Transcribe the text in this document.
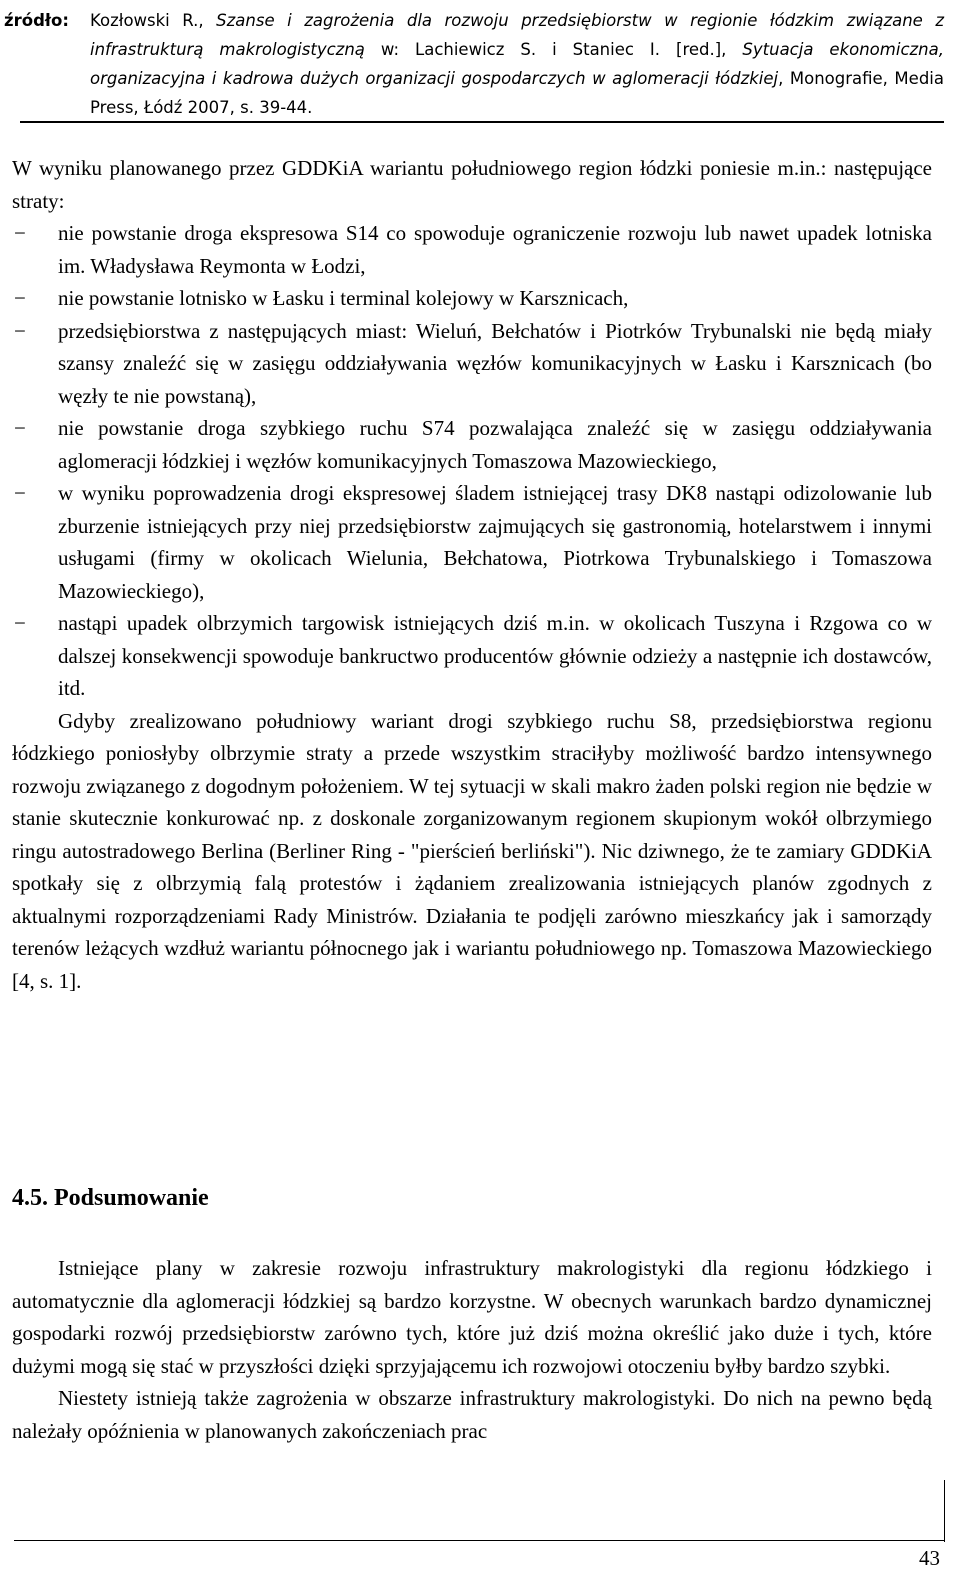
źródło: Kozłowski R., Szanse i zagrożenia dla rozwoju przedsiębiorstw w regionie łódzkim związane z infrastrukturą makrologistyczną w: Lachiewicz S. i Staniec I. [red.], Sytuacja ekonomiczna, organizacyjna i kadrowa dużych organizacji gospodarczych w aglomeracji łódzkiej, Monografie, Media Press, Łódź 2007, s. 39-44.

W wyniku planowanego przez GDDKiA wariantu południowego region łódzki poniesie m.in.: następujące straty:

− nie powstanie droga ekspresowa S14 co spowoduje ograniczenie rozwoju lub nawet upadek lotniska im. Władysława Reymonta w Łodzi,

− nie powstanie lotnisko w Łasku i terminal kolejowy w Karsznicach,

− przedsiębiorstwa z następujących miast: Wieluń, Bełchatów i Piotrków Trybunalski nie będą miały szansy znaleźć się w zasięgu oddziaływania węzłów komunikacyjnych w Łasku i Karsznicach (bo węzły te nie powstaną),

− nie powstanie droga szybkiego ruchu S74 pozwalająca znaleźć się w zasięgu oddziaływania aglomeracji łódzkiej i węzłów komunikacyjnych Tomaszowa Mazowieckiego,

− w wyniku poprowadzenia drogi ekspresowej śladem istniejącej trasy DK8 nastąpi odizolowanie lub zburzenie istniejących przy niej przedsiębiorstw zajmujących się gastronomią, hotelarstwem i innymi usługami (firmy w okolicach Wielunia, Bełchatowa, Piotrkowa Trybunalskiego i Tomaszowa Mazowieckiego),

− nastąpi upadek olbrzymich targowisk istniejących dziś m.in. w okolicach Tuszyna i Rzgowa co w dalszej konsekwencji spowoduje bankructwo producentów głównie odzieży a następnie ich dostawców, itd.

Gdyby zrealizowano południowy wariant drogi szybkiego ruchu S8, przedsiębiorstwa regionu łódzkiego poniosłyby olbrzymie straty a przede wszystkim straciłyby możliwość bardzo intensywnego rozwoju związanego z dogodnym położeniem. W tej sytuacji w skali makro żaden polski region nie będzie w stanie skutecznie konkurować np. z doskonale zorganizowanym regionem skupionym wokół olbrzymiego ringu autostradowego Berlina (Berliner Ring - "pierścień berliński"). Nic dziwnego, że te zamiary GDDKiA spotkały się z olbrzymią falą protestów i żądaniem zrealizowania istniejących planów zgodnych z aktualnymi rozporządzeniami Rady Ministrów. Działania te podjęli zarówno mieszkańcy jak i samorządy terenów leżących wzdłuż wariantu północnego jak i wariantu południowego np. Tomaszowa Mazowieckiego [4, s. 1].

4.5. Podsumowanie

Istniejące plany w zakresie rozwoju infrastruktury makrologistyki dla regionu łódzkiego i automatycznie dla aglomeracji łódzkiej są bardzo korzystne. W obecnych warunkach bardzo dynamicznej gospodarki rozwój przedsiębiorstw zarówno tych, które już dziś można określić jako duże i tych, które dużymi mogą się stać w przyszłości dzięki sprzyjającemu ich rozwojowi otoczeniu byłby bardzo szybki.

Niestety istnieją także zagrożenia w obszarze infrastruktury makrologistyki. Do nich na pewno będą należały opóźnienia w planowanych zakończeniach prac

43
